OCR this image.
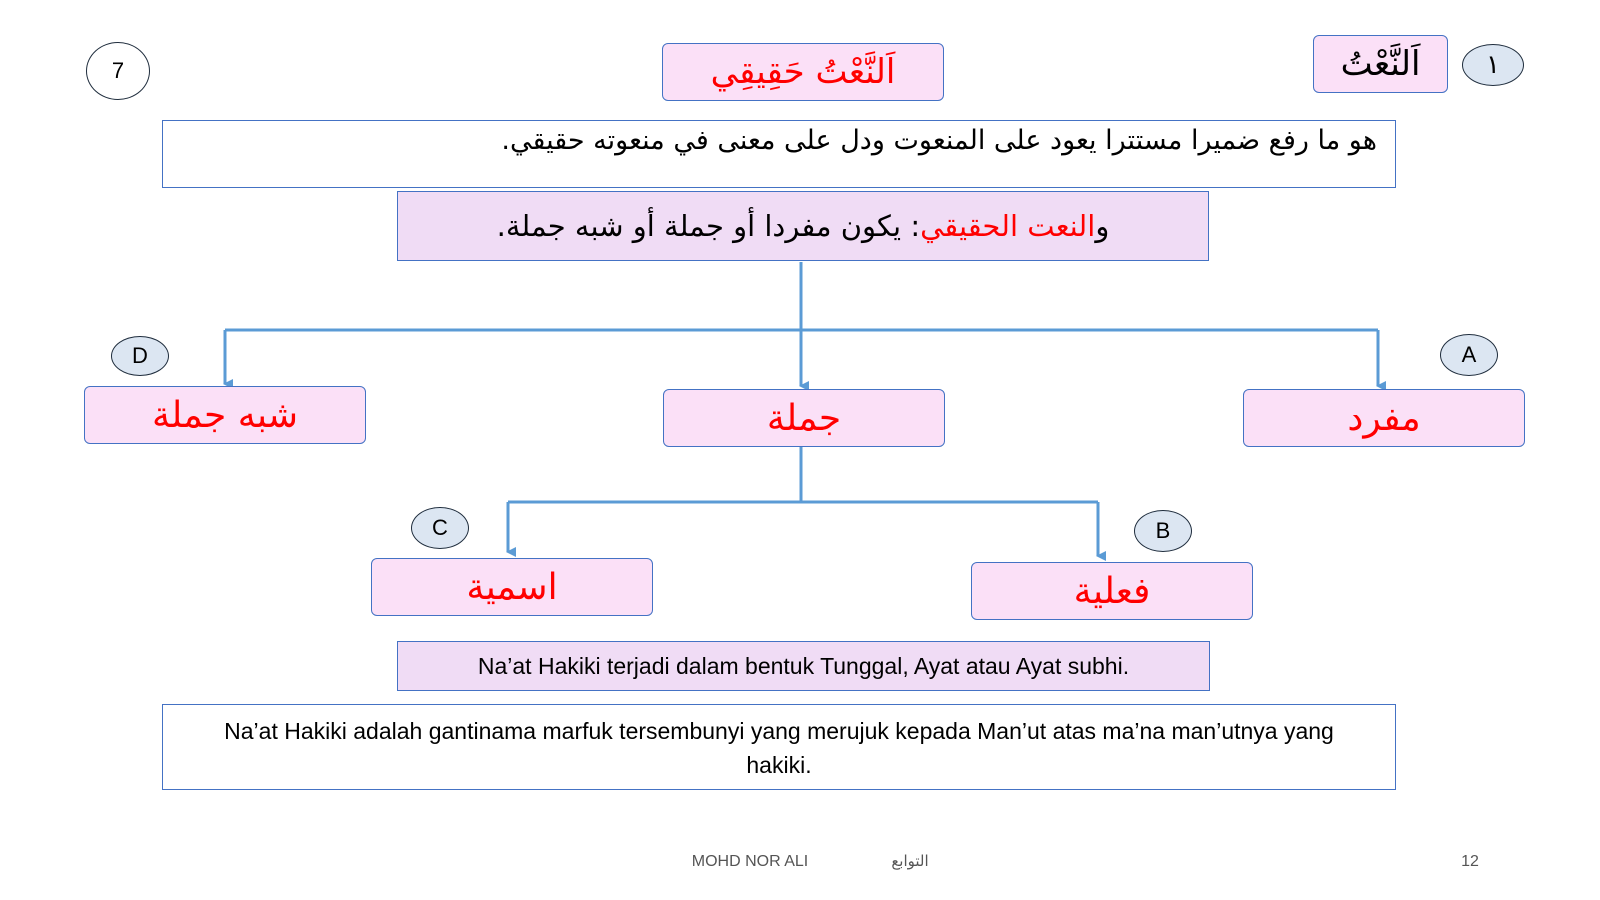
7	اَلنَّعْتُ حَقِيقِي	اَلنَّعْتُ	١
هو ما رفع ضميرا مستترا يعود على المنعوت ودل على معنى في منعوته حقيقي.
و
النعت الحقيقي
: يكون مفردا أو جملة أو شبه جملة.
شبه جملة	جملة	مفرد
اسمية	فعلية
D	A
C	B
Na’at Hakiki terjadi dalam bentuk Tunggal, Ayat atau Ayat subhi.
Na’at Hakiki adalah gantinama marfuk tersembunyi yang merujuk kepada Man’ut atas ma’na man’utnya yang hakiki.
MOHD NOR ALI	التوابع	12
